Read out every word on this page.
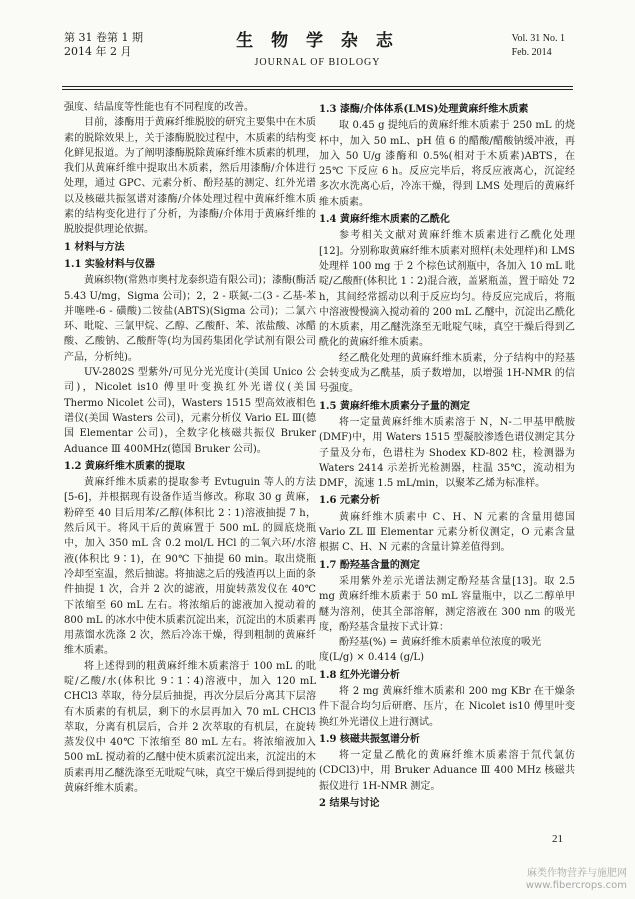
第 31 卷第 1 期
2014 年 2 月
生 物 学 杂 志
JOURNAL OF BIOLOGY
Vol. 31 No. 1
Feb. 2014

强度、结晶度等性能也有不同程度的改善。

目前，漆酶用于黄麻纤维脱胶的研究主要集中在木质素的脱除效果上，关于漆酶脱胶过程中，木质素的结构变化鲜见报道。为了阐明漆酶脱除黄麻纤维木质素的机理，我们从黄麻纤维中提取出木质素，然后用漆酶/介体进行处理，通过 GPC、元素分析、酚羟基的测定、红外光谱以及核磁共振氢谱对漆酶/介体处理过程中黄麻纤维木质素的结构变化进行了分析，为漆酶/介体用于黄麻纤维的脱胶提供理论依据。

1 材料与方法
1.1 实验材料与仪器

黄麻织物(常熟市奥村龙泰织造有限公司)；漆酶(酶活 5.43 U/mg，Sigma 公司)；2，2 - 联氮-二(3 - 乙基-苯并噻唑-6 - 磺酸)二铵盐(ABTS)(Sigma 公司)；二氯六环、吡啶、三氯甲烷、乙醇、乙酸酐、苯、浓盐酸、冰醋酸、乙酸钠、乙酸酐等(均为国药集团化学试剂有限公司产品，分析纯)。

UV-2802S 型紫外/可见分光光度计(美国 Unico 公司)，Nicolet is10 傅里叶变换红外光谱仪(美国 Thermo Nicolet 公司)，Wasters 1515 型高效液相色谱仪(美国 Wasters 公司)，元素分析仪 Vario EL Ⅲ(德国 Elementar 公司)，全数字化核磁共振仪 Bruker Aduance Ⅲ 400MHz(德国 Bruker 公司)。

1.2 黄麻纤维木质素的提取

黄麻纤维木质素的提取参考 Evtuguin 等人的方法[5-6]，并根据现有设备作适当修改。称取 30 g 黄麻，粉碎至 40 目后用苯/乙醇(体积比 2∶1)溶液抽提 7 h，然后风干。将风干后的黄麻置于 500 mL 的圆底烧瓶中，加入 350 mL 含 0.2 mol/L HCl 的二氧六环/水溶液(体积比 9∶1)，在 90℃ 下抽提 60 min。取出烧瓶冷却至室温，然后抽滤。将抽滤之后的残渣再以上面的条件抽提 1 次，合并 2 次的滤液，用旋转蒸发仪在 40℃ 下浓缩至 60 mL 左右。将浓缩后的滤液加入搅动着的 800 mL 的冰水中使木质素沉淀出来，沉淀出的木质素再用蒸馏水洗涤 2 次，然后冷冻干燥，得到粗制的黄麻纤维木质素。

将上述得到的粗黄麻纤维木质素溶于 100 mL 的吡啶/乙酸/水(体积比 9∶1∶4)溶液中，加入 120 mL CHCl3 萃取，待分层后抽提，再次分层后分离其下层溶有木质素的有机层，剩下的水层再加入 70 mL CHCl3 萃取，分离有机层后，合并 2 次萃取的有机层，在旋转蒸发仪中 40℃ 下浓缩至 80 mL 左右。将浓缩液加入 500 mL 搅动着的乙醚中使木质素沉淀出来，沉淀出的木质素再用乙醚洗涤至无吡啶气味，真空干燥后得到提纯的黄麻纤维木质素。

1.3 漆酶/介体体系(LMS)处理黄麻纤维木质素

取 0.45 g 提纯后的黄麻纤维木质素于 250 mL 的烧杯中，加入 50 mL、pH 值 6 的醋酸/醋酸钠缓冲液，再加入 50 U/g 漆酶和 0.5%(相对于木质素)ABTS，在 25℃ 下反应 6 h。反应完毕后，将反应液离心，沉淀经多次水洗离心后，冷冻干燥，得到 LMS 处理后的黄麻纤维木质素。

1.4 黄麻纤维木质素的乙酰化

参考相关文献对黄麻纤维木质素进行乙酰化处理[12]。分别称取黄麻纤维木质素对照样(未处理样)和 LMS 处理样 100 mg 于 2 个棕色试剂瓶中，各加入 10 mL 吡啶/乙酸酐(体积比 1∶2)混合液，盖紧瓶盖，置于暗处 72 h，其间经常摇动以利于反应均匀。待反应完成后，将瓶中溶液慢慢滴入搅动着的 200 mL 乙醚中，沉淀出乙酰化的木质素，用乙醚洗涤至无吡啶气味，真空干燥后得到乙酰化的黄麻纤维木质素。

经乙酰化处理的黄麻纤维木质素，分子结构中的羟基会转变成为乙酰基，质子数增加，以增强 1H-NMR 的信号强度。

1.5 黄麻纤维木质素分子量的测定

将一定量黄麻纤维木质素溶于 N，N-二甲基甲酰胺(DMF)中，用 Waters 1515 型凝胶渗透色谱仪测定其分子量及分布，色谱柱为 Shodex KD-802 柱，检测器为 Waters 2414 示差折光检测器，柱温 35℃，流动相为 DMF，流速 1.5 mL/min，以聚苯乙烯为标准样。

1.6 元素分析

黄麻纤维木质素中 C、H、N 元素的含量用德国 Vario ZL Ⅲ Elementar 元素分析仪测定，O 元素含量根据 C、H、N 元素的含量计算差值得到。

1.7 酚羟基含量的测定

采用紫外差示光谱法测定酚羟基含量[13]。取 2.5 mg 黄麻纤维木质素于 50 mL 容量瓶中，以乙二醇单甲醚为溶剂，使其全部溶解，测定溶液在 300 nm 的吸光度，酚羟基含量按下式计算：

酚羟基(%) = 黄麻纤维木质素单位浓度的吸光

度(L/g) × 0.414 (g/L)

1.8 红外光谱分析

将 2 mg 黄麻纤维木质素和 200 mg KBr 在干燥条件下混合均匀后研磨、压片，在 Nicolet is10 傅里叶变换红外光谱仪上进行测试。

1.9 核磁共振氢谱分析

将一定量乙酰化的黄麻纤维木质素溶于氘代氯仿(CDCl3)中，用 Bruker Aduance Ⅲ 400 MHz 核磁共振仪进行 1H-NMR 测定。

2 结果与讨论
21
麻类作物营养与施肥网
www.fibercrops.com
